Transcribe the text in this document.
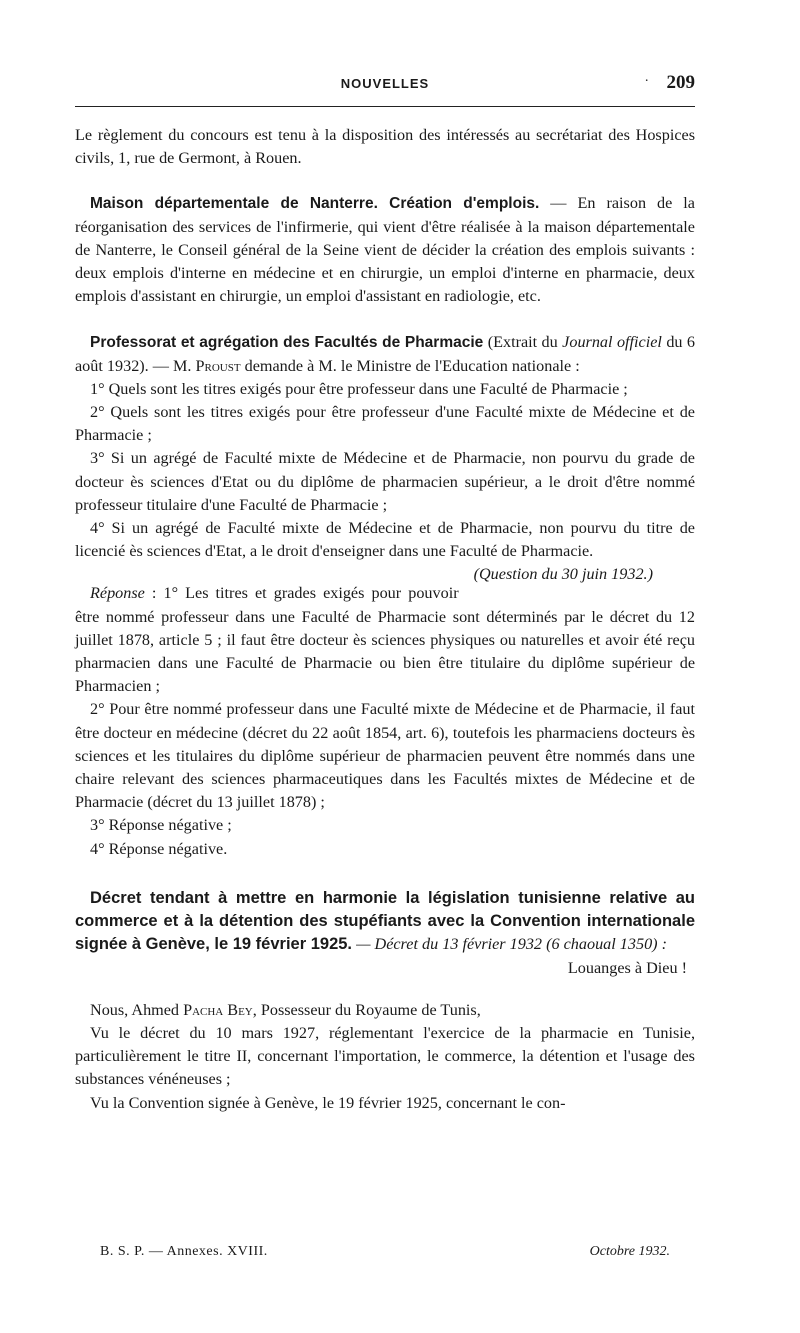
NOUVELLES	· 209

Le règlement du concours est tenu à la disposition des intéressés au secrétariat des Hospices civils, 1, rue de Germont, à Rouen.

Maison départementale de Nanterre. Création d'emplois. — En raison de la réorganisation des services de l'infirmerie, qui vient d'être réalisée à la maison départementale de Nanterre, le Conseil général de la Seine vient de décider la création des emplois suivants : deux emplois d'interne en médecine et en chirurgie, un emploi d'interne en pharmacie, deux emplois d'assistant en chirurgie, un emploi d'assistant en radiologie, etc.

Professorat et agrégation des Facultés de Pharmacie (Extrait du Journal officiel du 6 août 1932). — M. Proust demande à M. le Ministre de l'Education nationale :

1° Quels sont les titres exigés pour être professeur dans une Faculté de Pharmacie ;

2° Quels sont les titres exigés pour être professeur d'une Faculté mixte de Médecine et de Pharmacie ;

3° Si un agrégé de Faculté mixte de Médecine et de Pharmacie, non pourvu du grade de docteur ès sciences d'Etat ou du diplôme de pharmacien supérieur, a le droit d'être nommé professeur titulaire d'une Faculté de Pharmacie ;

4° Si un agrégé de Faculté mixte de Médecine et de Pharmacie, non pourvu du titre de licencié ès sciences d'Etat, a le droit d'enseigner dans une Faculté de Pharmacie.
(Question du 30 juin 1932.)

Réponse : 1° Les titres et grades exigés pour pouvoir être nommé professeur dans une Faculté de Pharmacie sont déterminés par le décret du 12 juillet 1878, article 5 ; il faut être docteur ès sciences physiques ou naturelles et avoir été reçu pharmacien dans une Faculté de Pharmacie ou bien être titulaire du diplôme supérieur de Pharmacien ;

2° Pour être nommé professeur dans une Faculté mixte de Médecine et de Pharmacie, il faut être docteur en médecine (décret du 22 août 1854, art. 6), toutefois les pharmaciens docteurs ès sciences et les titulaires du diplôme supérieur de pharmacien peuvent être nommés dans une chaire relevant des sciences pharmaceutiques dans les Facultés mixtes de Médecine et de Pharmacie (décret du 13 juillet 1878) ;

3° Réponse négative ;

4° Réponse négative.

Décret tendant à mettre en harmonie la législation tunisienne relative au commerce et à la détention des stupéfiants avec la Convention internationale signée à Genève, le 19 février 1925. — Décret du 13 février 1932 (6 chaoual 1350) :

Louanges à Dieu !

Nous, Ahmed Pacha Bey, Possesseur du Royaume de Tunis,

Vu le décret du 10 mars 1927, réglementant l'exercice de la pharmacie en Tunisie, particulièrement le titre II, concernant l'importation, le commerce, la détention et l'usage des substances vénéneuses ;

Vu la Convention signée à Genève, le 19 février 1925, concernant le con-

B. S. P. — Annexes. XVIII.	Octobre 1932.
